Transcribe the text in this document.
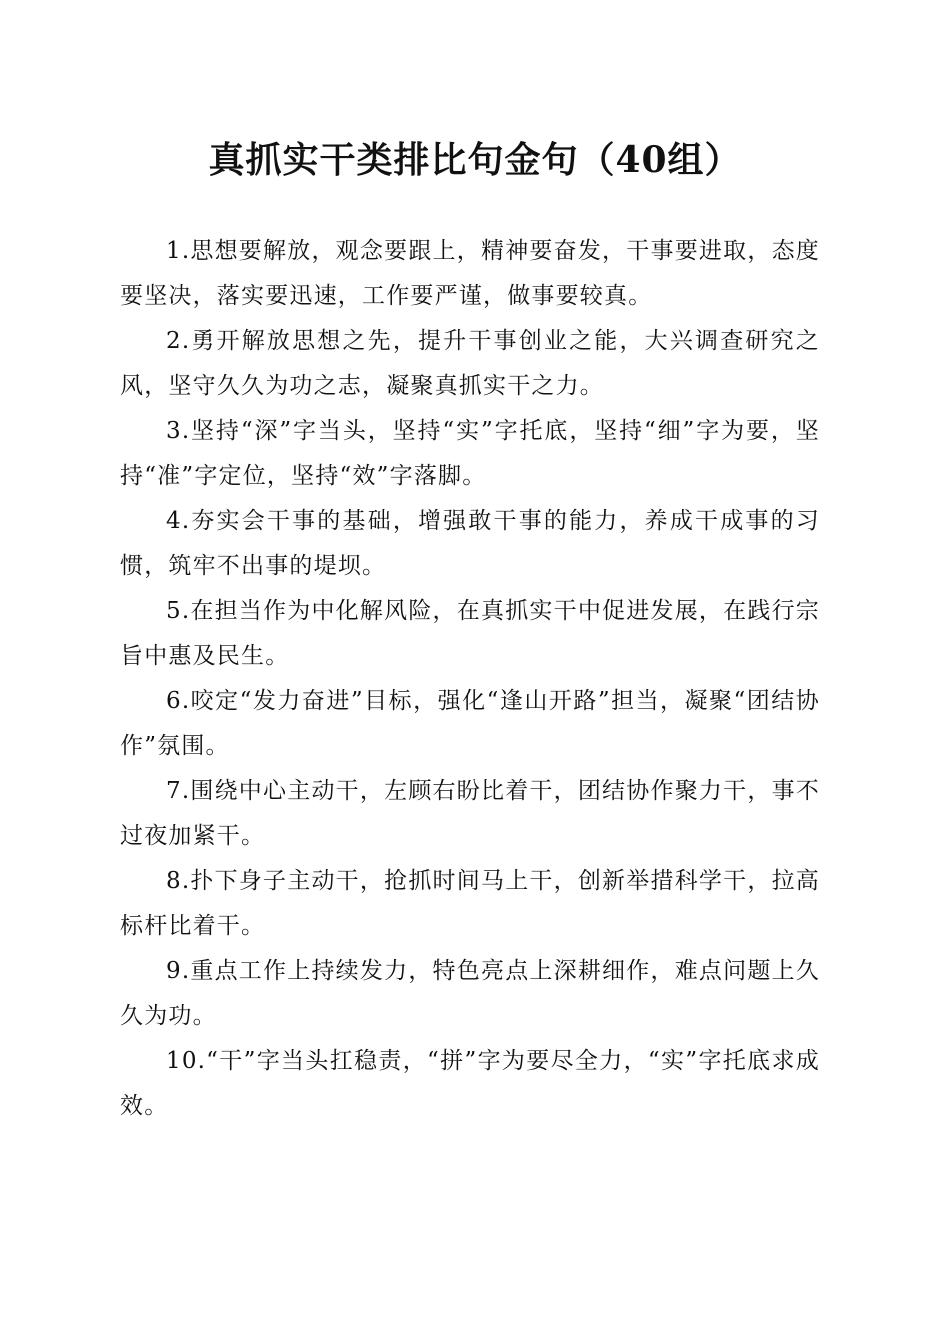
真抓实干类排比句金句（40组）

1.思想要解放，观念要跟上，精神要奋发，干事要进取，态度要坚决，落实要迅速，工作要严谨，做事要较真。

2.勇开解放思想之先，提升干事创业之能，大兴调查研究之风，坚守久久为功之志，凝聚真抓实干之力。

3.坚持“深”字当头，坚持“实”字托底，坚持“细”字为要，坚持“准”字定位，坚持“效”字落脚。

4.夯实会干事的基础，增强敢干事的能力，养成干成事的习惯，筑牢不出事的堤坝。

5.在担当作为中化解风险，在真抓实干中促进发展，在践行宗旨中惠及民生。

6.咬定“发力奋进”目标，强化“逢山开路”担当，凝聚“团结协作”氛围。

7.围绕中心主动干，左顾右盼比着干，团结协作聚力干，事不过夜加紧干。

8.扑下身子主动干，抢抓时间马上干，创新举措科学干，拉高标杆比着干。

9.重点工作上持续发力，特色亮点上深耕细作，难点问题上久久为功。

10.“干”字当头扛稳责，“拼”字为要尽全力，“实”字托底求成效。
